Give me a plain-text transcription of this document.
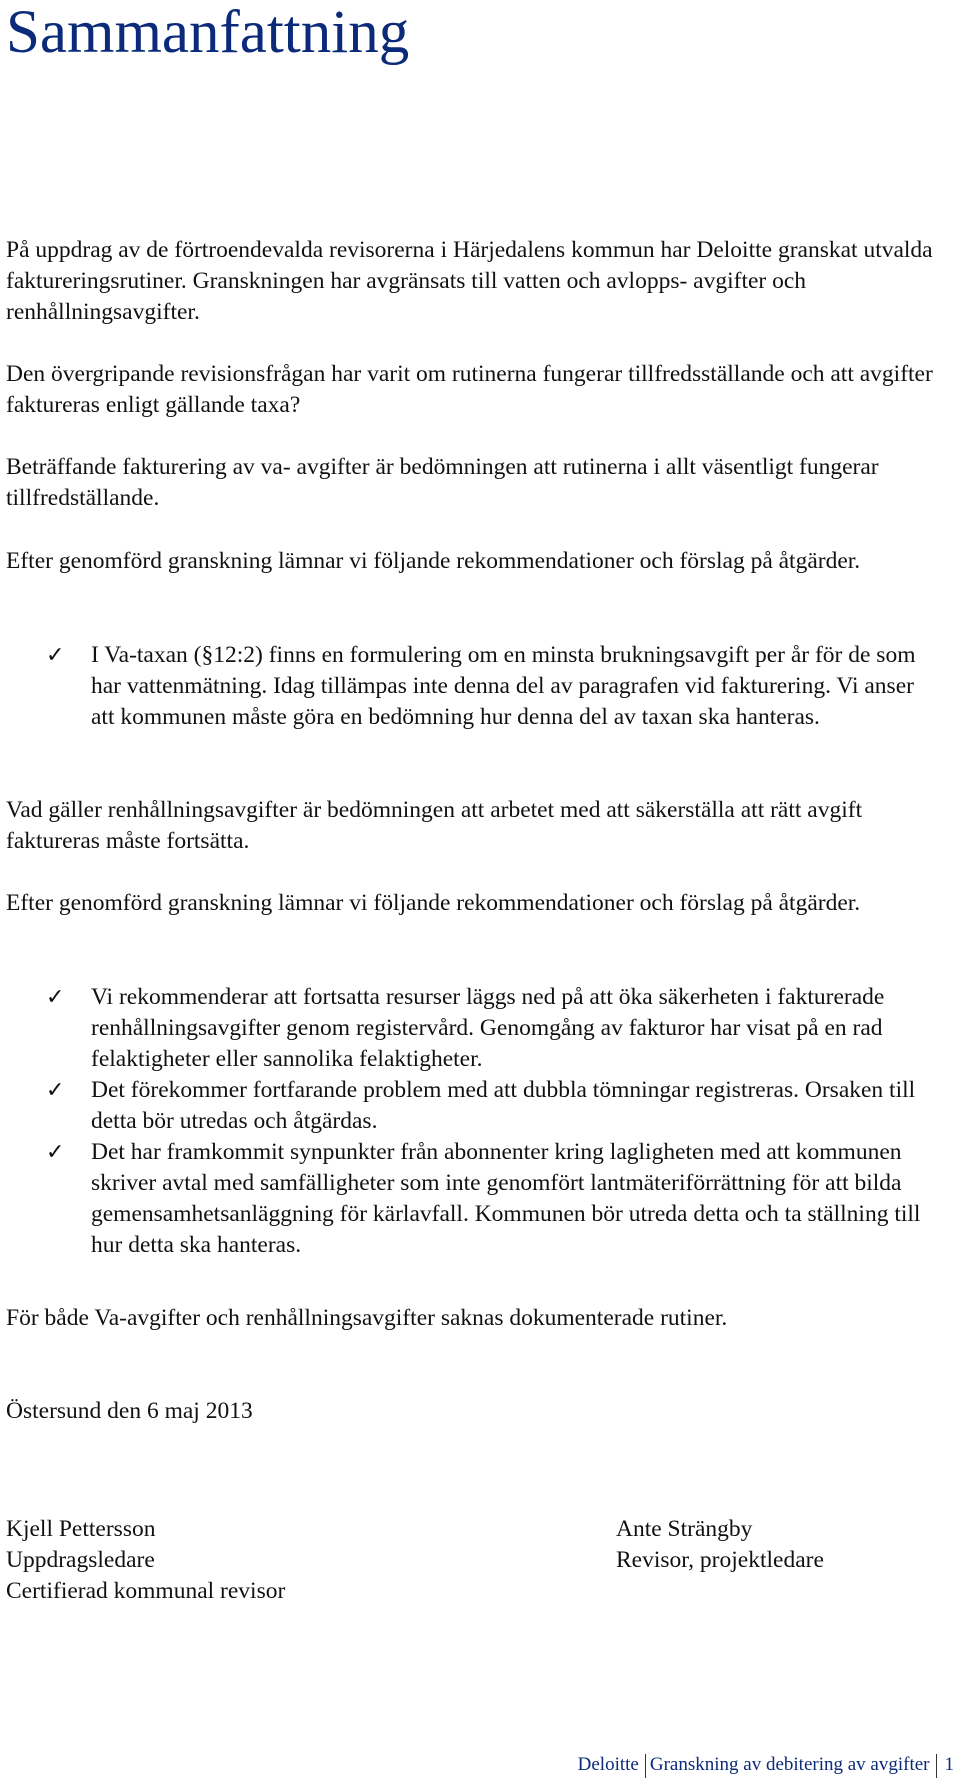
Sammanfattning

På uppdrag av de förtroendevalda revisorerna i Härjedalens kommun har Deloitte granskat utvalda faktureringsrutiner. Granskningen har avgränsats till vatten och avlopps- avgifter och renhållningsavgifter.

Den övergripande revisionsfrågan har varit om rutinerna fungerar tillfredsställande och att avgifter faktureras enligt gällande taxa?

Beträffande fakturering av va- avgifter är bedömningen att rutinerna i allt väsentligt fungerar tillfredställande.

Efter genomförd granskning lämnar vi följande rekommendationer och förslag på åtgärder.

✓ I Va-taxan (§12:2) finns en formulering om en minsta brukningsavgift per år för de som har vattenmätning. Idag tillämpas inte denna del av paragrafen vid fakturering. Vi anser att kommunen måste göra en bedömning hur denna del av taxan ska hanteras.

Vad gäller renhållningsavgifter är bedömningen att arbetet med att säkerställa att rätt avgift faktureras måste fortsätta.

Efter genomförd granskning lämnar vi följande rekommendationer och förslag på åtgärder.

✓ Vi rekommenderar att fortsatta resurser läggs ned på att öka säkerheten i fakturerade renhållningsavgifter genom registervård. Genomgång av fakturor har visat på en rad felaktigheter eller sannolika felaktigheter.
✓ Det förekommer fortfarande problem med att dubbla tömningar registreras. Orsaken till detta bör utredas och åtgärdas.
✓ Det har framkommit synpunkter från abonnenter kring lagligheten med att kommunen skriver avtal med samfälligheter som inte genomfört lantmäteriförrättning för att bilda gemensamhetsanläggning för kärlavfall. Kommunen bör utreda detta och ta ställning till hur detta ska hanteras.

För både Va-avgifter och renhållningsavgifter saknas dokumenterade rutiner.

Östersund den 6 maj 2013

Kjell Pettersson
Uppdragsledare
Certifierad kommunal revisor
Ante Strängby
Revisor, projektledare
Deloitte Granskning av debitering av avgifter 1
